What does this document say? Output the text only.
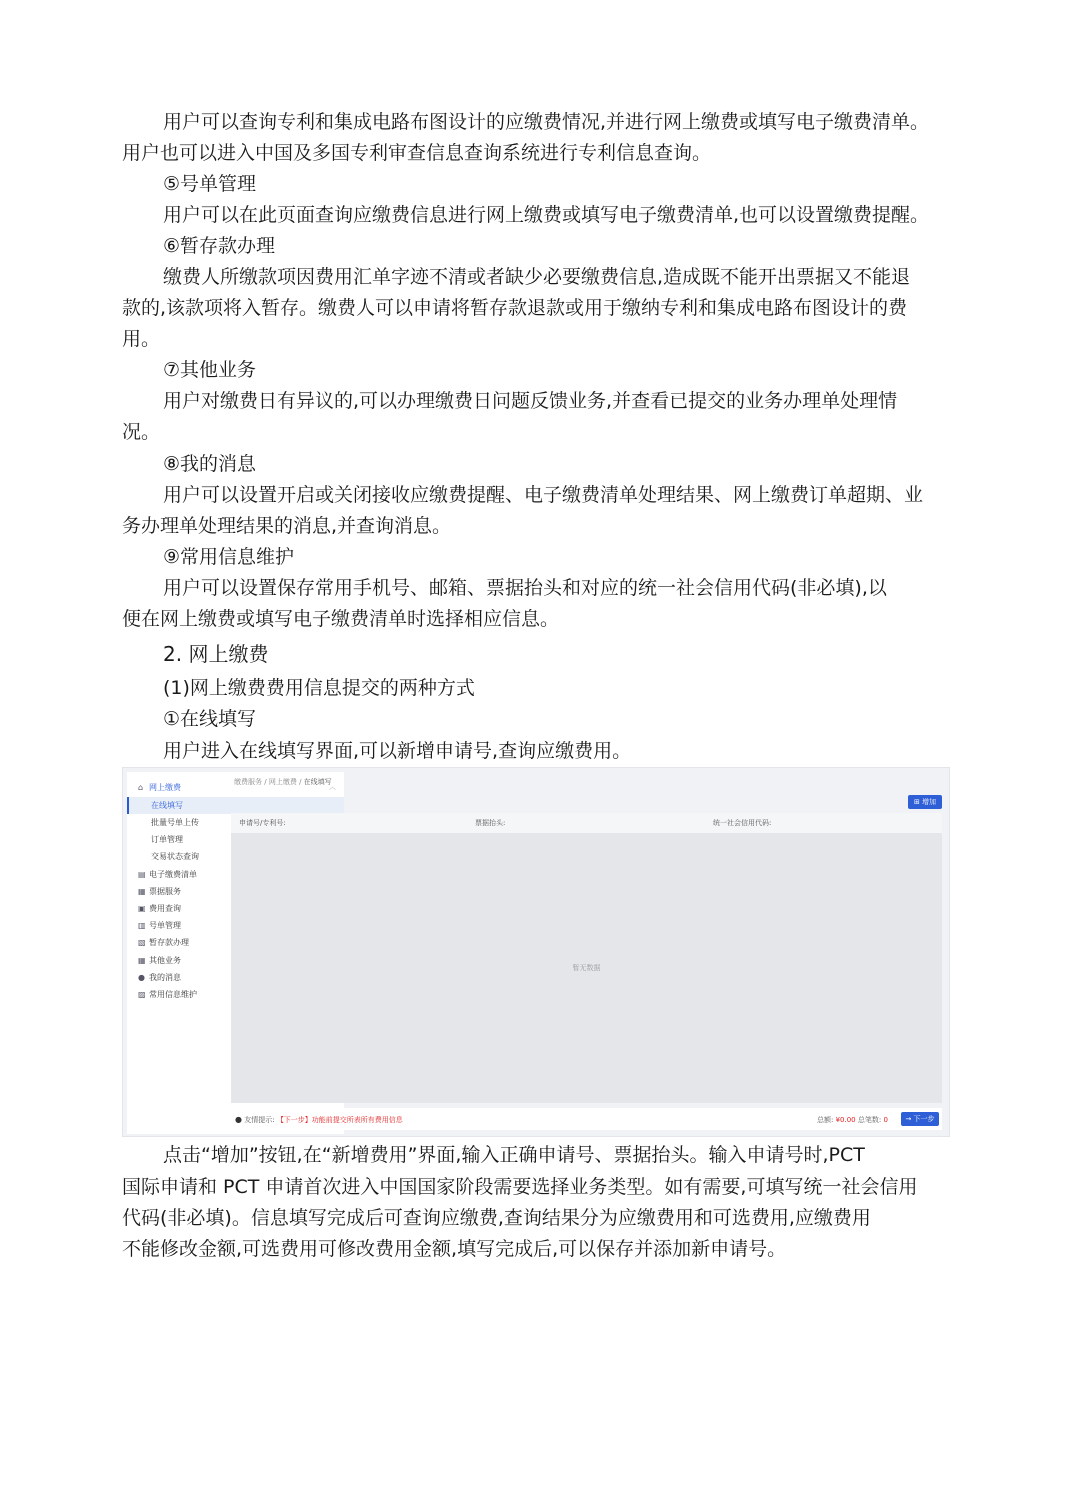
用户可以查询专利和集成电路布图设计的应缴费情况,并进行网上缴费或填写电子缴费清单。
用户也可以进入中国及多国专利审查信息查询系统进行专利信息查询。
⑤号单管理
用户可以在此页面查询应缴费信息进行网上缴费或填写电子缴费清单,也可以设置缴费提醒。
⑥暂存款办理
缴费人所缴款项因费用汇单字迹不清或者缺少必要缴费信息,造成既不能开出票据又不能退
款的,该款项将入暂存。缴费人可以申请将暂存款退款或用于缴纳专利和集成电路布图设计的费
用。
⑦其他业务
用户对缴费日有异议的,可以办理缴费日问题反馈业务,并查看已提交的业务办理单处理情
况。
⑧我的消息
用户可以设置开启或关闭接收应缴费提醒、电子缴费清单处理结果、网上缴费订单超期、业
务办理单处理结果的消息,并查询消息。
⑨常用信息维护
用户可以设置保存常用手机号、邮箱、票据抬头和对应的统一社会信用代码(非必填),以
便在网上缴费或填写电子缴费清单时选择相应信息。
2. 网上缴费
(1)网上缴费费用信息提交的两种方式
①在线填写
用户进入在线填写界面,可以新增申请号,查询应缴费用。
⌂ 网上缴费	︿
在线填写
批量号单上传
订单管理
交易状态查询
▤ 电子缴费清单
▦ 票据服务
▣ 费用查询
▥ 号单管理
▧ 暂存款办理
▦ 其他业务
● 我的消息
▨ 常用信息维护
缴费服务 / 网上缴费 / 在线填写
⊞ 增加
申请号/专利号:	票据抬头:	统一社会信用代码:
暂无数据
● 友情提示: 【下一步】功能前提交所表所有费用信息	总额: ¥0.00 总笔数: 0	→ 下一步
点击“增加”按钮,在“新增费用”界面,输入正确申请号、票据抬头。输入申请号时,PCT
国际申请和 PCT 申请首次进入中国国家阶段需要选择业务类型。如有需要,可填写统一社会信用
代码(非必填)。信息填写完成后可查询应缴费,查询结果分为应缴费用和可选费用,应缴费用
不能修改金额,可选费用可修改费用金额,填写完成后,可以保存并添加新申请号。
